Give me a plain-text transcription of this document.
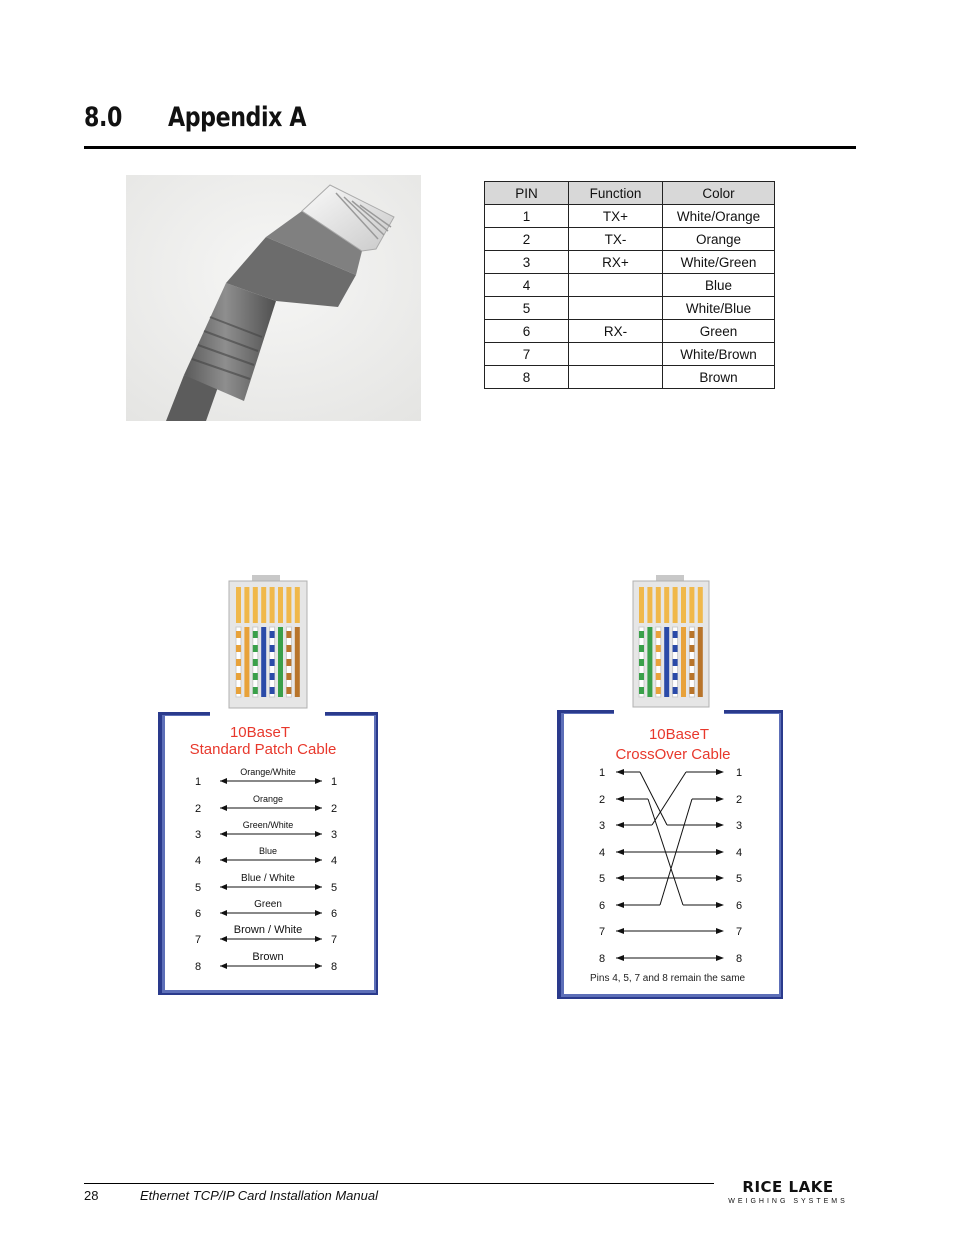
8.0 Appendix A
PIN	Function	Color
1	TX+	White/Orange
2	TX-	Orange
3	RX+	White/Green
4		Blue
5		White/Blue
6	RX-	Green
7		White/Brown
8		Brown
10BaseT
Standard Patch Cable
1	1
Orange/White
2	2
Orange
3	3
Green/White
4	4
Blue
5	5
Blue / White
6	6
Green
7	7
Brown / White
8	8
Brown
10BaseT
CrossOver Cable
1	1
2	2
3	3
4	4
5	5
6	6
7	7
8	8
Pins 4, 5, 7 and 8 remain the same
28	Ethernet TCP/IP Card Installation Manual	RICE LAKE
WEIGHING SYSTEMS
